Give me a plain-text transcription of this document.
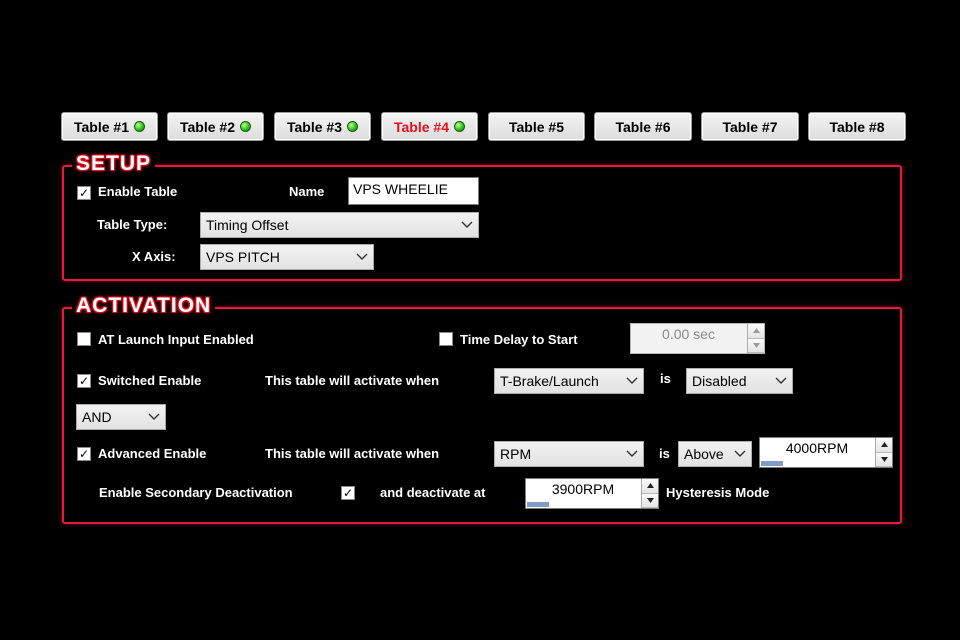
Table #1	Table #2	Table #3	Table #4	Table #5	Table #6	Table #7	Table #8
SETUP
✓ Enable Table	Name	VPS WHEELIE
Table Type:	Timing Offset
X Axis: VPS PITCH
ACTIVATION
AT Launch Input Enabled	Time Delay to Start	0.00 sec
✓ Switched Enable	This table will activate when	T-Brake/Launch	is Disabled
AND
✓ Advanced Enable	This table will activate when	RPM	is Above	4000RPM
Enable Secondary Deactivation	✓ and deactivate at	3900RPM	Hysteresis Mode
